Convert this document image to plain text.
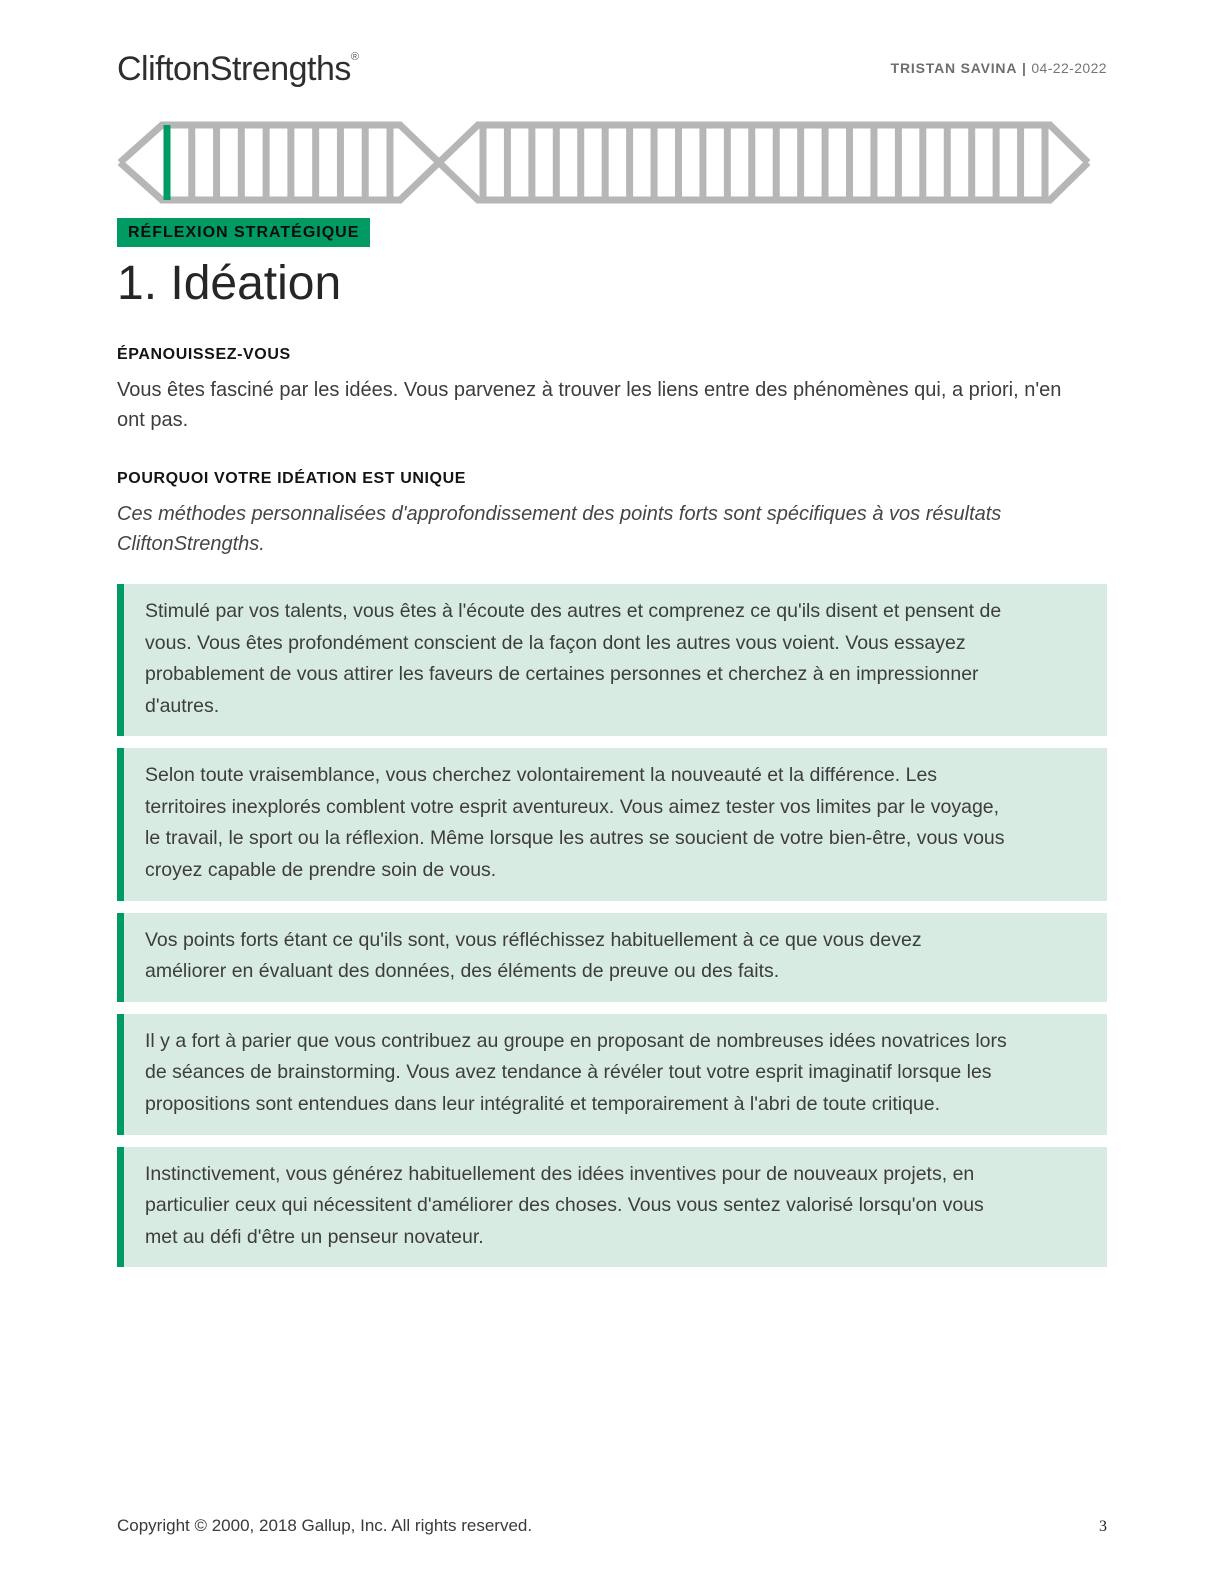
CliftonStrengths®
TRISTAN SAVINA | 04-22-2022
RÉFLEXION STRATÉGIQUE
1. Idéation
ÉPANOUISSEZ-VOUS

Vous êtes fasciné par les idées. Vous parvenez à trouver les liens entre des phénomènes qui, a priori, n'en ont pas.

POURQUOI VOTRE IDÉATION EST UNIQUE

Ces méthodes personnalisées d'approfondissement des points forts sont spécifiques à vos résultats CliftonStrengths.

Stimulé par vos talents, vous êtes à l'écoute des autres et comprenez ce qu'ils disent et pensent de vous. Vous êtes profondément conscient de la façon dont les autres vous voient. Vous essayez probablement de vous attirer les faveurs de certaines personnes et cherchez à en impressionner d'autres.
Selon toute vraisemblance, vous cherchez volontairement la nouveauté et la différence. Les territoires inexplorés comblent votre esprit aventureux. Vous aimez tester vos limites par le voyage, le travail, le sport ou la réflexion. Même lorsque les autres se soucient de votre bien-être, vous vous croyez capable de prendre soin de vous.
Vos points forts étant ce qu'ils sont, vous réfléchissez habituellement à ce que vous devez améliorer en évaluant des données, des éléments de preuve ou des faits.
Il y a fort à parier que vous contribuez au groupe en proposant de nombreuses idées novatrices lors de séances de brainstorming. Vous avez tendance à révéler tout votre esprit imaginatif lorsque les propositions sont entendues dans leur intégralité et temporairement à l'abri de toute critique.
Instinctivement, vous générez habituellement des idées inventives pour de nouveaux projets, en particulier ceux qui nécessitent d'améliorer des choses. Vous vous sentez valorisé lorsqu'on vous met au défi d'être un penseur novateur.
Copyright © 2000, 2018 Gallup, Inc. All rights reserved.	3
